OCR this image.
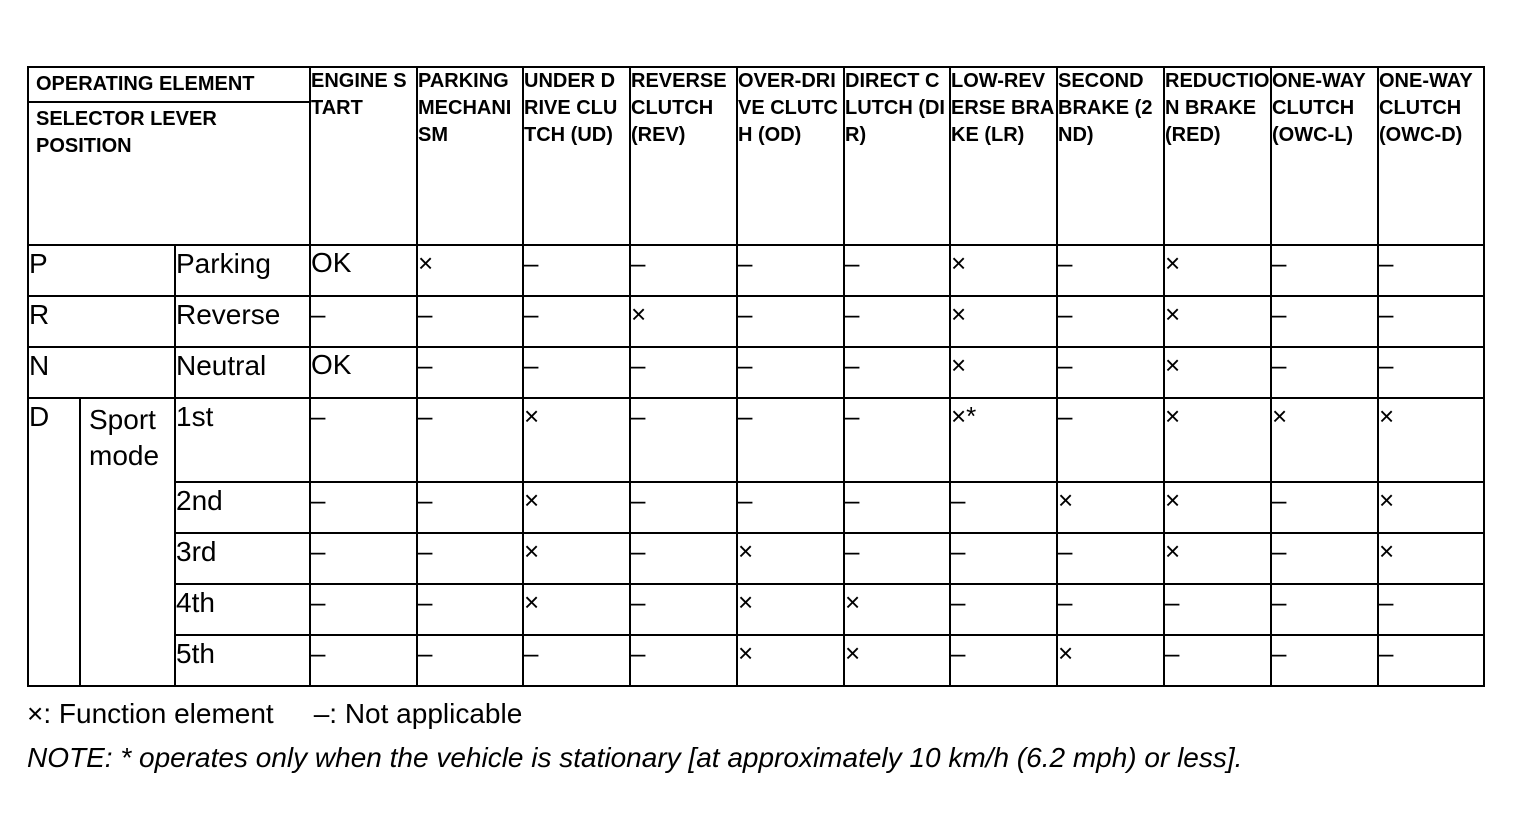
OPERATING ELEMENT
SELECTOR LEVER POSITION			ENGINE START	PARKING MECHANISM	UNDER DRIVE CLUTCH (UD)	REVERSE CLUTCH (REV)	OVER-DRIVE CLUTCH (OD)	DIRECT CLUTCH (DIR)	LOW-REVERSE BRAKE (LR)	SECOND BRAKE (2ND)	REDUCTION BRAKE (RED)	ONE-WAY CLUTCH (OWC-L)	ONE-WAY CLUTCH (OWC-D)
P		Parking	OK	×	–	–	–	–	×	–	×	–	–
R		Reverse	–	–	–	×	–	–	×	–	×	–	–
N		Neutral	OK	–	–	–	–	–	×	–	×	–	–
D	Sport mode	1st	–	–	×	–	–	–	×*	–	×	×	×
		2nd	–	–	×	–	–	–	–	×	×	–	×
		3rd	–	–	×	–	×	–	–	–	×	–	×
		4th	–	–	×	–	×	×	–	–	–	–	–
		5th	–	–	–	–	×	×	–	×	–	–	–
×: Function element –: Not applicable
NOTE: * operates only when the vehicle is stationary [at approximately 10 km/h (6.2 mph) or less].
